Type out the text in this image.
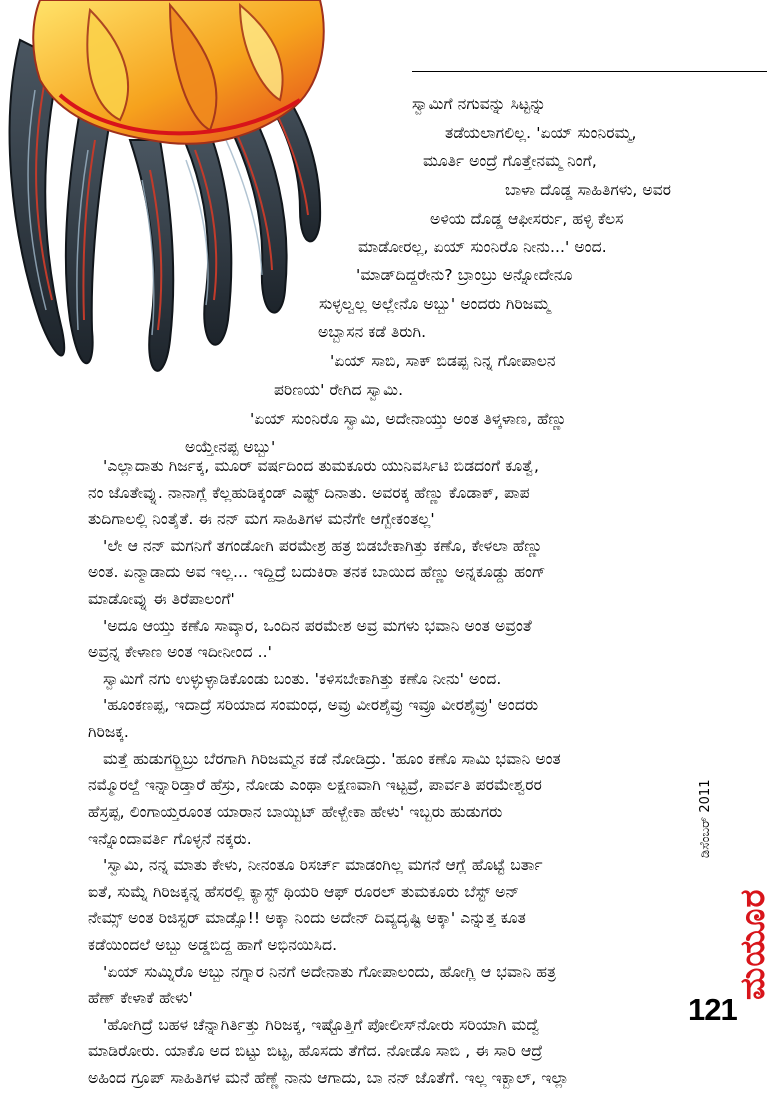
ಸ್ವಾಮಿಗೆ ನಗುವನ್ನು ಸಿಟ್ಟನ್ನು
ತಡೆಯಲಾಗಲಿಲ್ಲ. 'ಏಯ್ ಸುಂನಿರಮ್ಮ,
ಮೂರ್ತಿ ಅಂದ್ರೆ ಗೊತ್ತೇನಮ್ಮ ನಿಂಗೆ,
ಬಾಳಾ ದೊಡ್ಡ ಸಾಹಿತಿಗಳು, ಅವರ
ಅಳಿಯ ದೊಡ್ಡ ಆಫೀಸರ್ರು, ಹಳ್ಳಿ ಕೆಲಸ
ಮಾಡೋರಲ್ಲ, ಏಯ್ ಸುಂನಿರೊ ನೀನು...' ಅಂದ.
'ಮಾಡ್‌ದಿದ್ದರೇನು? ಬ್ರಾಂಬ್ರು ಅನ್ನೋದೇನೂ
ಸುಳ್ಳಲ್ವಲ್ಲ ಅಲ್ಲೇನೊ ಅಬ್ಬು' ಅಂದರು ಗಿರಿಜಮ್ಮ
ಅಬ್ಬಾಸನ ಕಡೆ ತಿರುಗಿ.
'ಏಯ್ ಸಾಬಿ, ಸಾಕ್ ಬಿಡಪ್ಪ ನಿನ್ನ ಗೋಪಾಲನ
ಪರಿಣಯ' ರೇಗಿದ ಸ್ವಾಮಿ.
'ಏಯ್ ಸುಂನಿರೊ ಸ್ವಾಮಿ, ಅದೇನಾಯ್ತು ಅಂತ ತಿಳ್ಕಳಾಣ, ಹೆಣ್ಣು
ಅಯ್ತೇನಪ್ಪ ಅಬ್ಬು'
'ಎಲ್ಲಾದಾತು ಗಿರ್ಜಕ್ಕ, ಮೂರ್ ವರ್ಷದಿಂದ ತುಮಕೂರು ಯುನಿವರ್ಸಿಟಿ ಬಿಡದಂಗೆ ಕೂತ್ವೆ,
ನಂ ಜೊತೇವ್ನು. ನಾನಾಗ್ಲೆ ಕೆಲ್ಲಹುಡಿಕ್ಕಂಡ್ ಎಷ್ಟ್ ದಿನಾತು. ಅವರಕ್ಕ ಹೆಣ್ಣು ಕೊಡಾಕ್, ಪಾಪ
ತುದಿಗಾಲಲ್ಲಿ ನಿಂತೈತೆ. ಈ ನನ್ ಮಗ ಸಾಹಿತಿಗಳ ಮನೆಗೇ ಆಗ್ಬೇಕಂತಲ್ಲ'
'ಲೇ ಆ ನನ್ ಮಗನಿಗೆ ತಗಂಡೋಗಿ ಪರಮೇಶ್ರ ಹತ್ರ ಬಿಡಬೇಕಾಗಿತ್ತು ಕಣೊ, ಕೇಳಲಾ ಹೆಣ್ಣು
ಅಂತ. ಏನ್ಮಾಡಾದು ಅವ ಇಲ್ಲ... ಇದ್ದಿದ್ರೆ ಬದುಕಿರಾ ತನಕ ಬಾಯಿದ ಹೆಣ್ಣು ಅನ್ನಕೂಡ್ದು ಹಂಗ್
ಮಾಡೋವ್ನು ಈ ತಿರೆಪಾಲಂಗೆ'
'ಅದೂ ಆಯ್ತು ಕಣೊ ಸಾವ್ಕಾರ, ಒಂದಿನ ಪರಮೇಶ ಅವ್ರ ಮಗಳು ಭವಾನಿ ಅಂತ ಅವ್ರಂತೆ
ಅವ್ರನ್ನ ಕೇಳಾಣ ಅಂತ ಇದೀನೀಂದ ..'
ಸ್ವಾಮಿಗೆ ನಗು ಉಳ್ಳುಳ್ಳಾಡಿಕೊಂಡು ಬಂತು. 'ಕಳಿಸಬೇಕಾಗಿತ್ತು ಕಣೊ ನೀನು' ಅಂದ.
'ಹೂಂಕಣಪ್ಪ, ಇದಾದ್ರೆ ಸರಿಯಾದ ಸಂಮಂಧ, ಅವ್ರು ವೀರಶೈವ್ರು ಇವ್ರೂ ವೀರಶೈವ್ರು' ಅಂದರು
ಗಿರಿಜಕ್ಕ.
ಮತ್ತೆ ಹುಡುಗರ್‍ಬ್ರಿಬ್ರು ಬೆರಗಾಗಿ ಗಿರಿಜಮ್ಮನ ಕಡೆ ನೋಡಿದ್ರು. 'ಹೂಂ ಕಣೊ ಸಾಮಿ ಭವಾನಿ ಅಂತ
ನಮ್ಮೊರಲ್ದೆ ಇನ್ನಾರಿಡ್ತಾರೆ ಹೆಸ್ರು, ನೋಡು ಎಂಥಾ ಲಕ್ಷಣವಾಗಿ ಇಟ್ಟವ್ರೆ, ಪಾರ್ವತಿ ಪರಮೇಶ್ವರರ
ಹೆಸ್ರಪ್ಪ, ಲಿಂಗಾಯ್ತರೂಂತ ಯಾರಾನ ಬಾಯ್ಬಿಟ್ ಹೇಳ್ಬೇಕಾ ಹೇಳು' ಇಬ್ಬರು ಹುಡುಗರು
ಇನ್ನೊಂದಾವರ್ತಿ ಗೊಳ್ಳನೆ ನಕ್ಕರು.
'ಸ್ವಾಮಿ, ನನ್ನ ಮಾತು ಕೇಳು, ನೀನಂತೂ ರಿಸರ್ಚ್ ಮಾಡಂಗಿಲ್ಲ ಮಗನೆ ಆಗ್ಲೆ ಹೊಟ್ಟೆ ಬರ್ತಾ
ಐತೆ, ಸುಮ್ನೆ ಗಿರಿಜಕ್ಕನ್ನ ಹೆಸರಲ್ಲಿ ಕ್ಯಾಸ್ಟ್ ಥಿಯರಿ ಆಫ್ ರೂರಲ್ ತುಮಕೂರು ಬೆಸ್ಟ್ ಅನ್
ನೇಮ್ಸ್ ಅಂತ ರಿಜಿಸ್ಟರ್ ಮಾಡ್ಸೊ!! ಅಕ್ಕಾ ನಿಂದು ಅದೇನ್ ದಿವ್ಯದೃಷ್ಟಿ ಅಕ್ಕಾ' ಎನ್ನುತ್ತ ಕೂತ
ಕಡೆಯಿಂದಲೆ ಅಬ್ಬು ಅಡ್ಡಬಿದ್ದ ಹಾಗೆ ಅಭಿನಯಿಸಿದ.
'ಏಯ್ ಸುಮ್ನಿರೊ ಅಬ್ಬು ನಗ್ನಾರ ನಿನಗೆ ಅದೇನಾತು ಗೋಪಾಲಂದು, ಹೋಗ್ಲಿ ಆ ಭವಾನಿ ಹತ್ರ
ಹೆಣ್ ಕೇಳಾಕೆ ಹೇಳು'
'ಹೋಗಿದ್ರೆ ಬಹಳ ಚೆನ್ನಾಗಿರ್ತಿತ್ತು ಗಿರಿಜಕ್ಕ, ಇಷ್ಟೊತ್ತಿಗೆ ಪೋಲೀಸ್‌ನೋರು ಸರಿಯಾಗಿ ಮದ್ವೆ
ಮಾಡಿರೋರು. ಯಾಕೊ ಅದ ಬಿಟ್ಟು ಬಿಟ್ಟ, ಹೊಸದು ತೆಗೆದ. ನೋಡೊ ಸಾಬಿ , ಈ ಸಾರಿ ಆದ್ರೆ
ಅಹಿಂದ ಗ್ರೂಪ್ ಸಾಹಿತಿಗಳ ಮನೆ ಹೆಣ್ಣೆ ನಾನು ಆಗಾದು, ಬಾ ನನ್ ಜೊತೆಗೆ. ಇಲ್ಲ ಇಕ್ಬಾಲ್, ಇಲ್ಲಾ
ಡಿಸೆಂಬರ್ 2011
ಮಯೂರ
121
